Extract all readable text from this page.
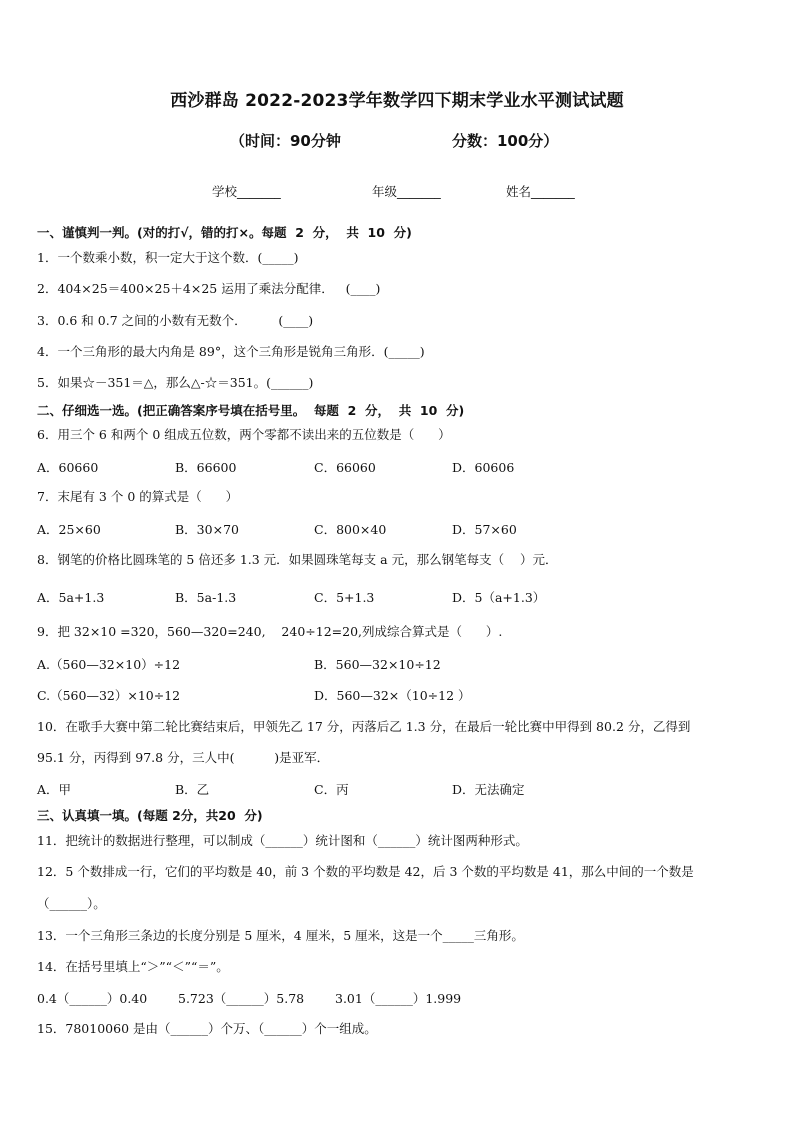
西沙群岛 2022-2023学年数学四下期末学业水平测试试题
（时间：90分钟	分数：100分）
学校_______	年级_______	姓名_______
一、谨慎判一判。(对的打√，错的打×。每题  2  分，  共  10  分)
1．一个数乘小数，积一定大于这个数．(_____)
2．404×25＝400×25＋4×25 运用了乘法分配律．   (____)
3．0.6 和 0.7 之间的小数有无数个．        (____)
4．一个三角形的最大内角是 89°，这个三角形是锐角三角形．(_____)
5．如果☆－351＝△，那么△-☆＝351。(______)
二、仔细选一选。(把正确答案序号填在括号里。  每题  2  分，  共  10  分)
6．用三个 6 和两个 0 组成五位数，两个零都不读出来的五位数是（      ）
A．60660	B．66600	C．66060	D．60606
7．末尾有 3 个 0 的算式是（      ）
A．25×60	B．30×70	C．800×40	D．57×60
8．钢笔的价格比圆珠笔的 5 倍还多 1.3 元．如果圆珠笔每支 a 元，那么钢笔每支（    ）元．
A．5a+1.3	B．5a-1.3	C．5+1.3	D．5（a+1.3）
9．把 32×10 =320，560—320=240,    240÷12=20,列成综合算式是（      ）.
A.（560—32×10）÷12	B．560—32×10÷12
C.（560—32）×10÷12	D．560—32×（10÷12 ）
10．在歌手大赛中第二轮比赛结束后，甲领先乙 17 分，丙落后乙 1.3 分，在最后一轮比赛中甲得到 80.2 分，乙得到
95.1 分，丙得到 97.8 分，三人中(          )是亚军．
A．甲	B．乙	C．丙	D．无法确定
三、认真填一填。(每题 2分，共20  分)
11．把统计的数据进行整理，可以制成（______）统计图和（______）统计图两种形式。
12．5 个数排成一行，它们的平均数是 40，前 3 个数的平均数是 42，后 3 个数的平均数是 41，那么中间的一个数是
（______）。
13．一个三角形三条边的长度分别是 5 厘米，4 厘米，5 厘米，这是一个_____三角形。
14．在括号里填上“＞”“＜”“＝”。
0.4（______）0.40 5.723（______）5.78 3.01（______）1.999
15．78010060 是由（______）个万、（______）个一组成。
